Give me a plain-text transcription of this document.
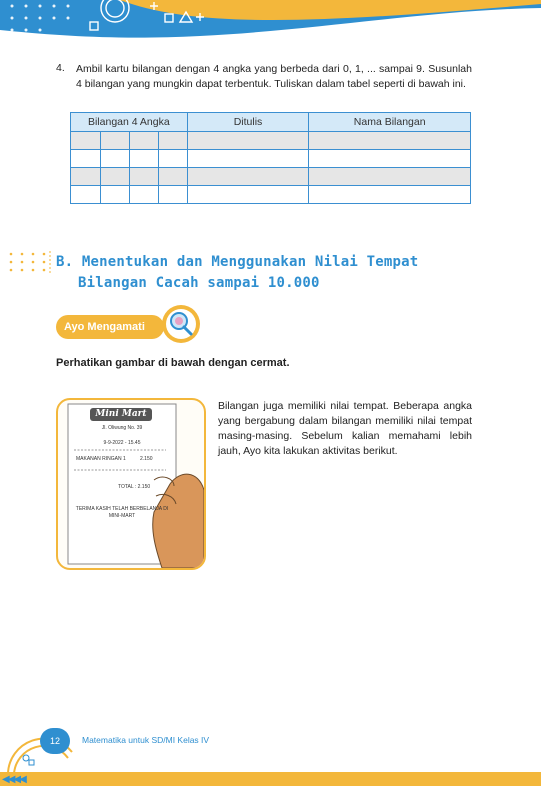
4. Ambil kartu bilangan dengan 4 angka yang berbeda dari 0, 1, ... sampai 9. Susunlah 4 bilangan yang mungkin dapat terbentuk. Tuliskan dalam tabel seperti di bawah ini.
Bilangan 4 Angka				Ditulis	Nama Bilangan

B. Menentukan dan Menggunakan Nilai Tempat
Bilangan Cacah sampai 10.000
Ayo Mengamati
Perhatikan gambar di bawah dengan cermat.
Mini Mart
Jl. Oliwung No. 39
9-9-2022 - 15.45
MAKANAN RINGAN 1	2.150
TOTAL : 2.150
TERIMA KASIH TELAH BERBELANJA DI MINI-MART
Bilangan juga memiliki nilai tempat. Beberapa angka yang bergabung dalam bilangan memiliki nilai tempat masing-masing. Sebelum kalian memahami lebih jauh, Ayo kita lakukan aktivitas berikut.
12	Matematika untuk SD/MI Kelas IV
◀◀◀◀
